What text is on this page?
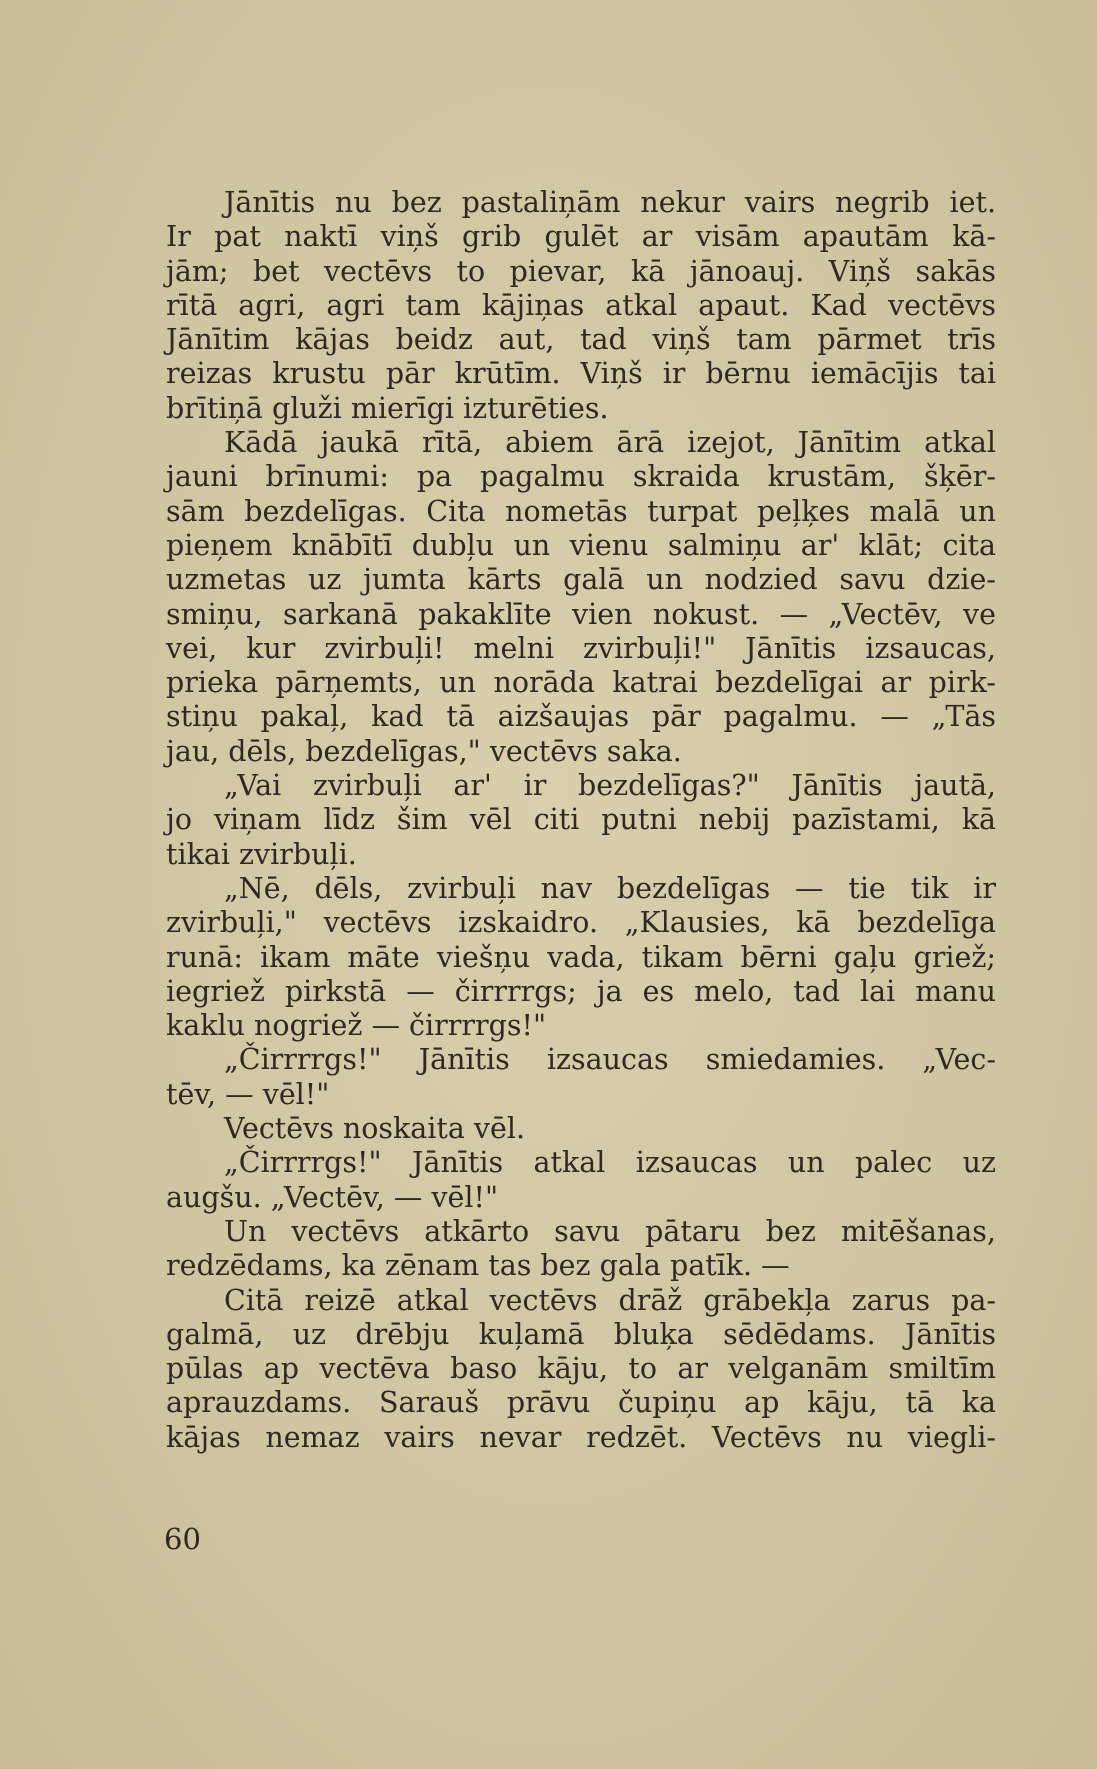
Jānītis nu bez pastaliņām nekur vairs negrib iet.
Ir pat naktī viņš grib gulēt ar visām apautām kā-
jām; bet vectēvs to pievar, kā jānoauj. Viņš sakās
rītā agri, agri tam kājiņas atkal apaut. Kad vectēvs
Jānītim kājas beidz aut, tad viņš tam pārmet trīs
reizas krustu pār krūtīm. Viņš ir bērnu iemācījis tai
brītiņā gluži mierīgi izturēties.
Kādā jaukā rītā, abiem ārā izejot, Jānītim atkal
jauni brīnumi: pa pagalmu skraida krustām, šķēr-
sām bezdelīgas. Cita nometās turpat peļķes malā un
pieņem knābītī dubļu un vienu salmiņu ar' klāt; cita
uzmetas uz jumta kārts galā un nodzied savu dzie-
smiņu, sarkanā pakaklīte vien nokust. — „Vectēv, ve
vei, kur zvirbuļi! melni zvirbuļi!" Jānītis izsaucas,
prieka pārņemts, un norāda katrai bezdelīgai ar pirk-
stiņu pakaļ, kad tā aizšaujas pār pagalmu. — „Tās
jau, dēls, bezdelīgas," vectēvs saka.
„Vai zvirbuļi ar' ir bezdelīgas?" Jānītis jautā,
jo viņam līdz šim vēl citi putni nebij pazīstami, kā
tikai zvirbuļi.
„Nē, dēls, zvirbuļi nav bezdelīgas — tie tik ir
zvirbuļi," vectēvs izskaidro. „Klausies, kā bezdelīga
runā: ikam māte viešņu vada, tikam bērni gaļu griež;
iegriež pirkstā — čirrrrgs; ja es melo, tad lai manu
kaklu nogriež — čirrrrgs!"
„Čirrrrgs!" Jānītis izsaucas smiedamies. „Vec-
tēv, — vēl!"
Vectēvs noskaita vēl.
„Čirrrrgs!" Jānītis atkal izsaucas un palec uz
augšu. „Vectēv, — vēl!"
Un vectēvs atkārto savu pātaru bez mitēšanas,
redzēdams, ka zēnam tas bez gala patīk. —
Citā reizē atkal vectēvs drāž grābekļa zarus pa-
galmā, uz drēbju kuļamā bluķa sēdēdams. Jānītis
pūlas ap vectēva baso kāju, to ar velganām smiltīm
aprauzdams. Sarauš prāvu čupiņu ap kāju, tā ka
kājas nemaz vairs nevar redzēt. Vectēvs nu viegli-
60
